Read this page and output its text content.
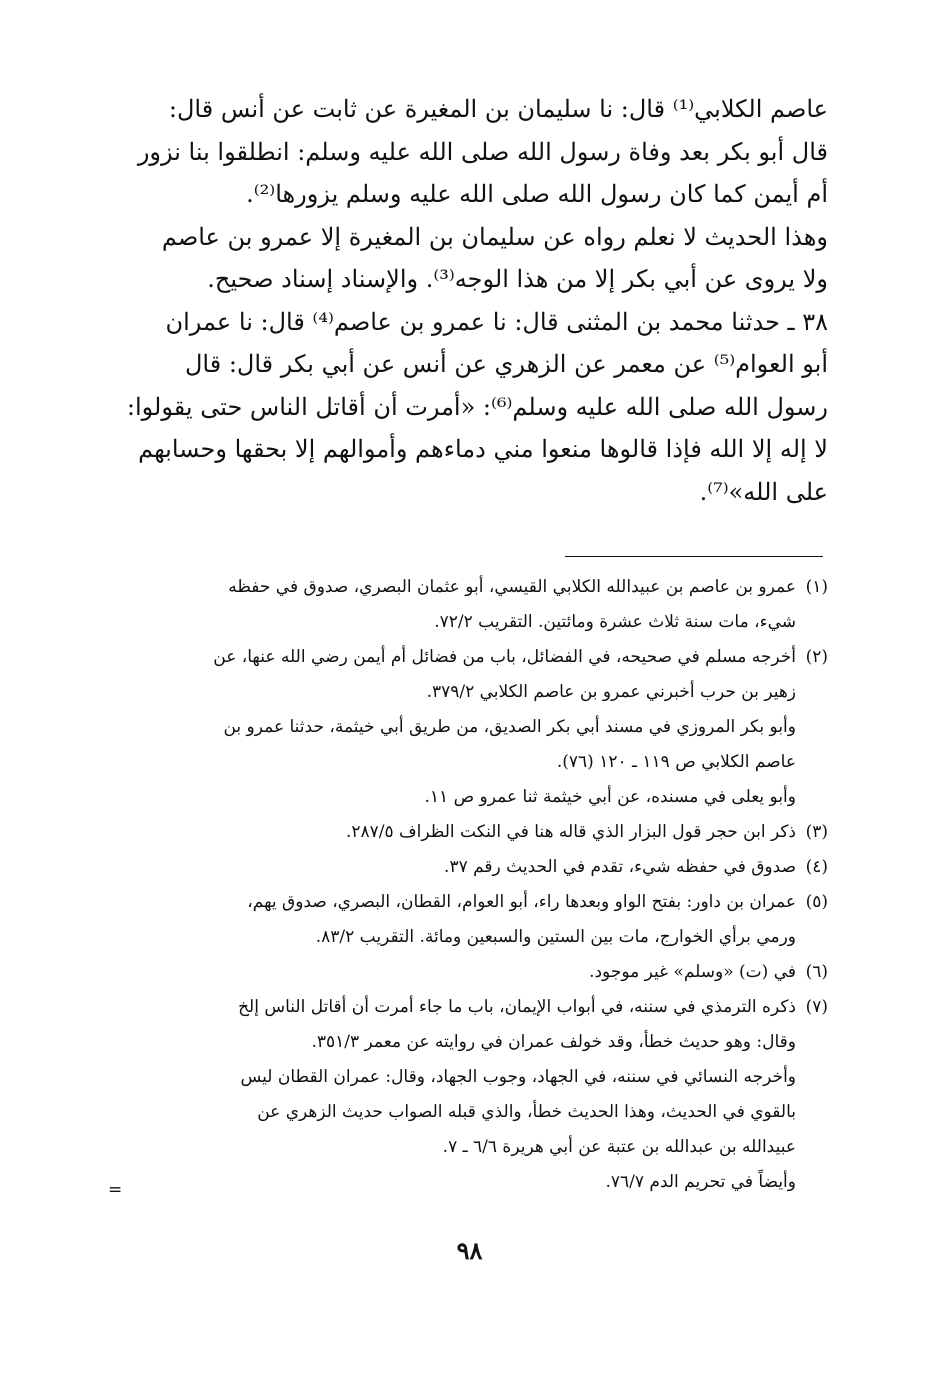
عاصم الكلابي⁽¹⁾ قال: نا سليمان بن المغيرة عن ثابت عن أنس قال:
قال أبو بكر بعد وفاة رسول الله صلى الله عليه وسلم: انطلقوا بنا نزور
أم أيمن كما كان رسول الله صلى الله عليه وسلم يزورها⁽²⁾.
وهذا الحديث لا نعلم رواه عن سليمان بن المغيرة إلا عمرو بن عاصم
ولا يروى عن أبي بكر إلا من هذا الوجه⁽³⁾. والإسناد إسناد صحيح.
٣٨ ـ حدثنا محمد بن المثنى قال: نا عمرو بن عاصم⁽⁴⁾ قال: نا عمران
أبو العوام⁽⁵⁾ عن معمر عن الزهري عن أنس عن أبي بكر قال: قال
رسول الله صلى الله عليه وسلم⁽⁶⁾: «أمرت أن أقاتل الناس حتى يقولوا:
لا إله إلا الله فإذا قالوها منعوا مني دماءهم وأموالهم إلا بحقها وحسابهم
على الله»⁽⁷⁾.
(١)عمرو بن عاصم بن عبيدالله الكلابي القيسي، أبو عثمان البصري، صدوق في حفظه
شيء، مات سنة ثلاث عشرة ومائتين. التقريب ٧٢/٢.
(٢)أخرجه مسلم في صحيحه، في الفضائل، باب من فضائل أم أيمن رضي الله عنها، عن
زهير بن حرب أخبرني عمرو بن عاصم الكلابي ٣٧٩/٢.
وأبو بكر المروزي في مسند أبي بكر الصديق، من طريق أبي خيثمة، حدثنا عمرو بن
عاصم الكلابي ص ١١٩ ـ ١٢٠ (٧٦).
وأبو يعلى في مسنده، عن أبي خيثمة ثنا عمرو ص ١١.
(٣)ذكر ابن حجر قول البزار الذي قاله هنا في النكت الظراف ٢٨٧/٥.
(٤)صدوق في حفظه شيء، تقدم في الحديث رقم ٣٧.
(٥)عمران بن داور: بفتح الواو وبعدها راء، أبو العوام، القطان، البصري، صدوق يهم،
ورمي برأي الخوارج، مات بين الستين والسبعين ومائة. التقريب ٨٣/٢.
(٦)في (ت) «وسلم» غير موجود.
(٧)ذكره الترمذي في سننه، في أبواب الإيمان، باب ما جاء أمرت أن أقاتل الناس إلخ
وقال: وهو حديث خطأ، وقد خولف عمران في روايته عن معمر ٣٥١/٣.
وأخرجه النسائي في سننه، في الجهاد، وجوب الجهاد، وقال: عمران القطان ليس
بالقوي في الحديث، وهذا الحديث خطأ، والذي قبله الصواب حديث الزهري عن
عبيدالله بن عبدالله بن عتبة عن أبي هريرة ٦/٦ ـ ٧.
وأيضاً في تحريم الدم ٧٦/٧.
=
٩٨
